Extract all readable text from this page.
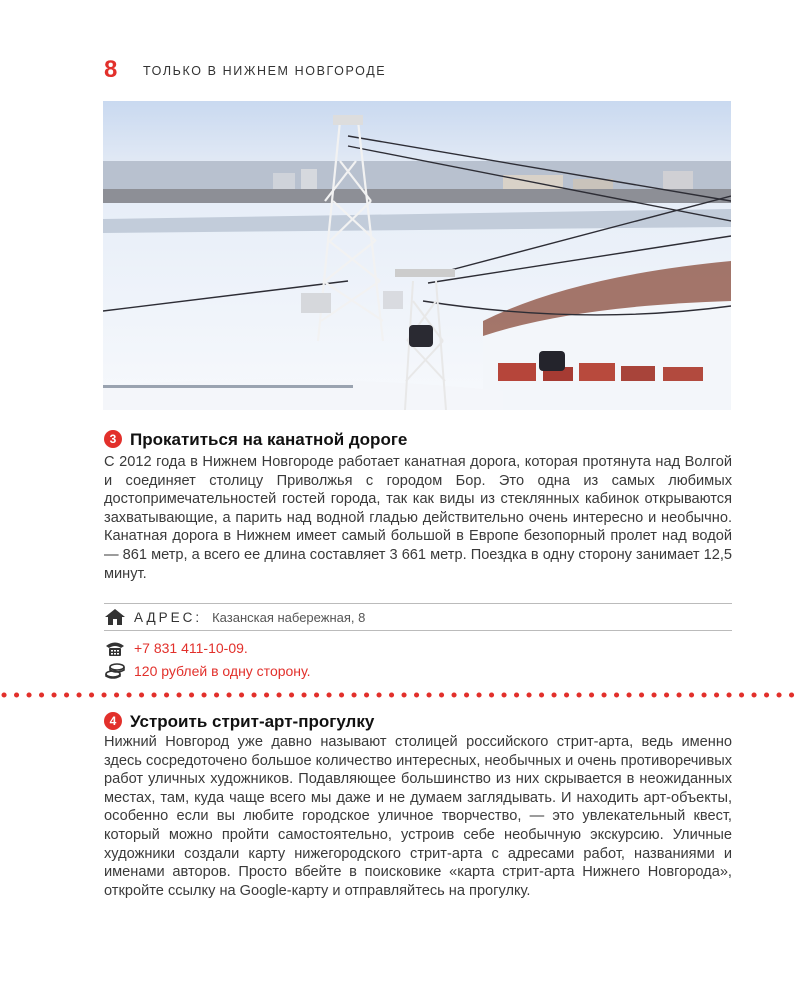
8 ТОЛЬКО В НИЖНЕМ НОВГОРОДЕ
3 Прокатиться на канатной дороге

С 2012 года в Нижнем Новгороде работает канатная дорога, которая протянута над Волгой и соединяет столицу Приволжья с городом Бор. Это одна из самых любимых достопримечательностей гостей города, так как виды из стеклянных кабинок открываются захватывающие, а парить над водной гладью действительно очень интересно и необычно. Канатная дорога в Нижнем имеет самый большой в Европе безопорный пролет над водой — 861 метр, а всего ее длина составляет 3 661 метр. Поездка в одну сторону занимает 12,5 минут.

АДРЕС: Казанская набережная, 8
+7 831 411-10-09.
120 рублей в одну сторону.
4 Устроить стрит-арт-прогулку

Нижний Новгород уже давно называют столицей российского стрит-арта, ведь именно здесь сосредоточено большое количество интересных, необычных и очень противоречивых работ уличных художников. Подавляющее большинство из них скрывается в неожиданных местах, там, куда чаще всего мы даже и не думаем заглядывать. И находить арт-объекты, особенно если вы любите городское уличное творчество, — это увлекательный квест, который можно пройти самостоятельно, устроив себе необычную экскурсию. Уличные художники создали карту нижегородского стрит-арта с адресами работ, названиями и именами авторов. Просто вбейте в поисковике «карта стрит-арта Нижнего Новгорода», откройте ссылку на Google-карту и отправляйтесь на прогулку.
